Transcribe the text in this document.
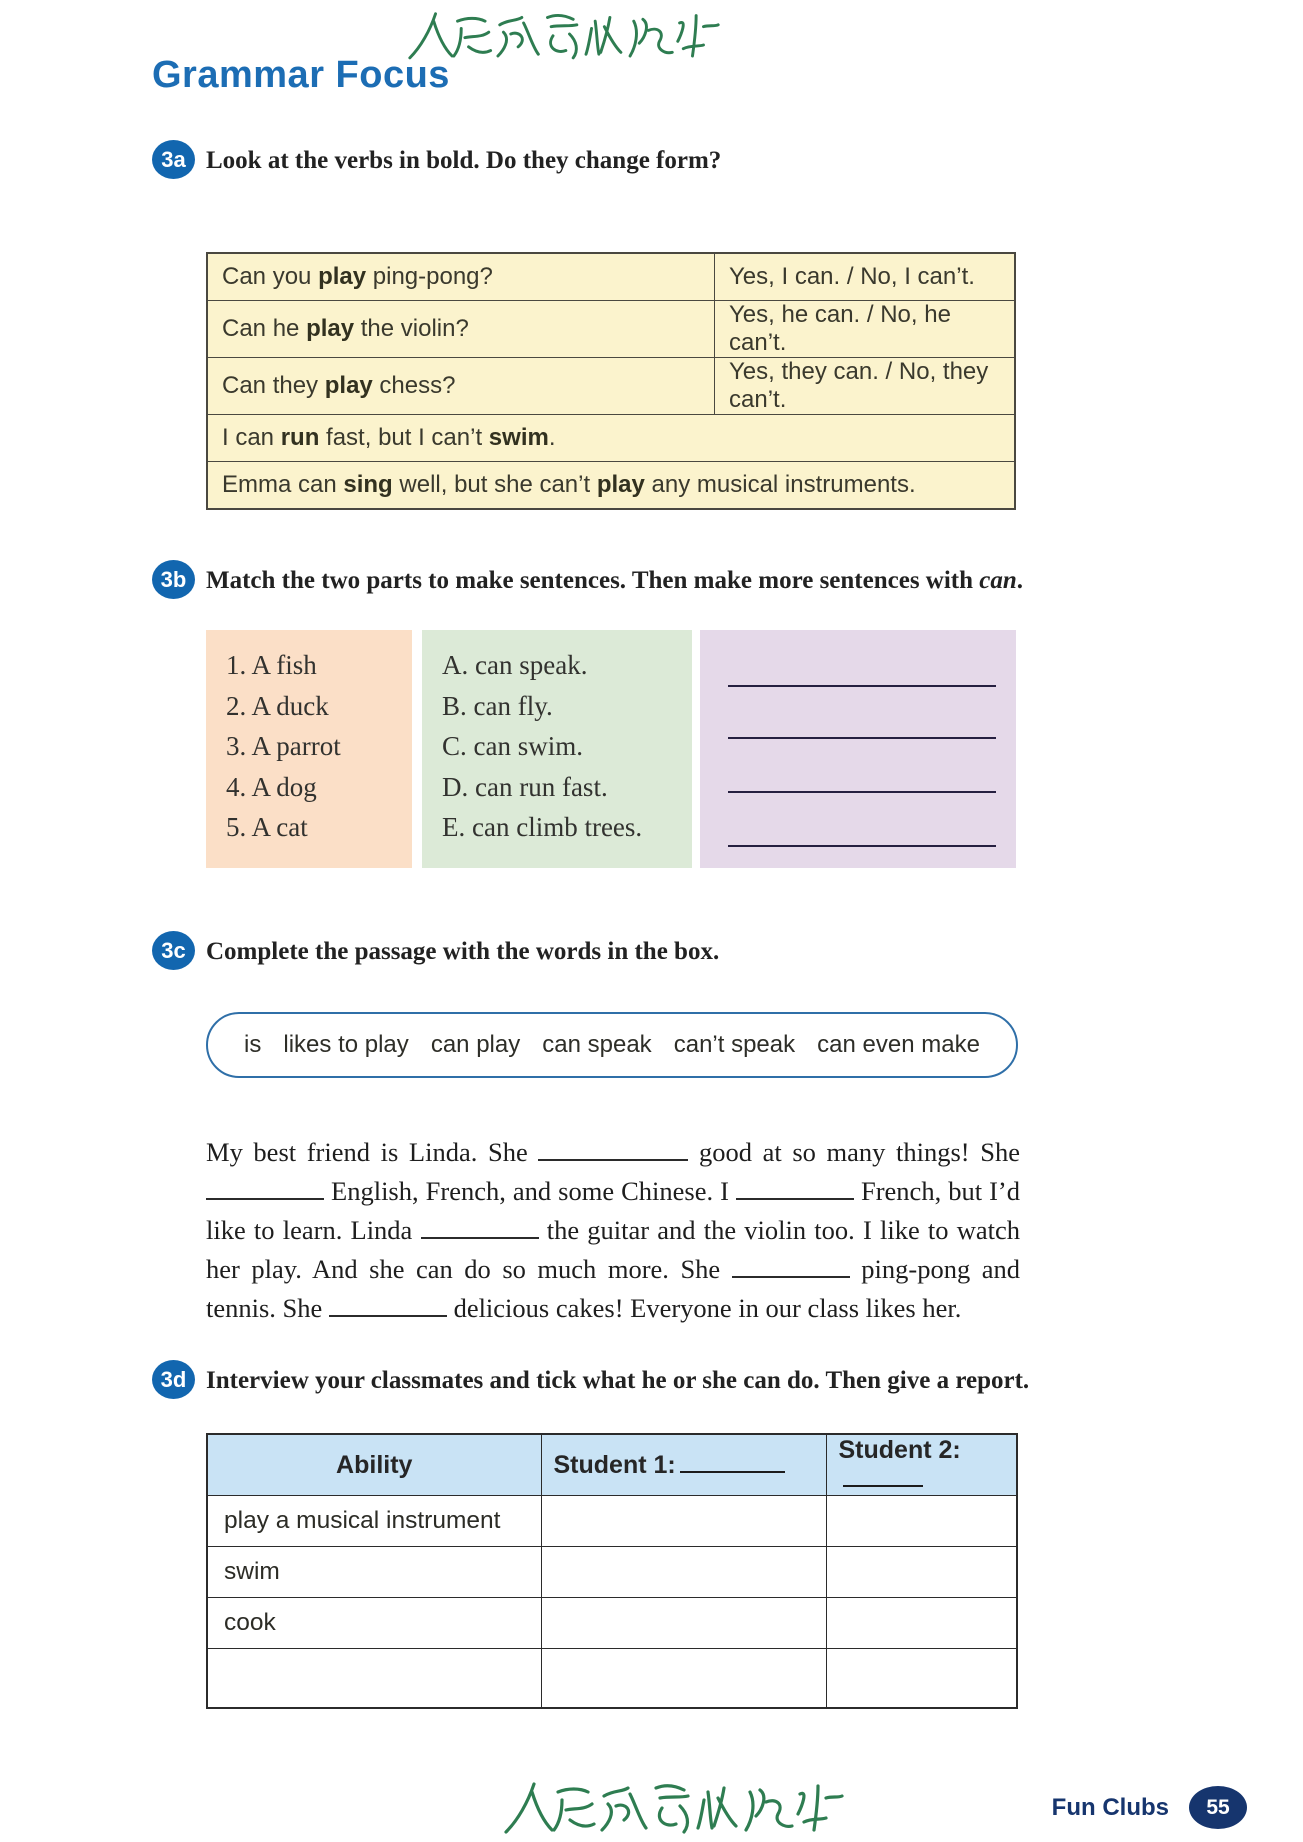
Grammar Focus
3a Look at the verbs in bold. Do they change form?
Can you play ping-pong?	Yes, I can. / No, I can’t.
Can he play the violin?	Yes, he can. / No, he can’t.
Can they play chess?	Yes, they can. / No, they can’t.
I can run fast, but I can’t swim.	
Emma can sing well, but she can’t play any musical instruments.	
3b Match the two parts to make sentences. Then make more sentences with can.
1. A fish
2. A duck
3. A parrot
4. A dog
5. A cat
A. can speak.
B. can fly.
C. can swim.
D. can run fast.
E. can climb trees.
3c Complete the passage with the words in the box.
is likes to play can play can speak can’t speak can even make

My best friend is Linda. She	good at so many things! She  English, French, and some Chinese. I	French, but I’d like to learn. Linda	the guitar and the violin too. I like to watch her play. And she can do so much more. She	ping-pong and tennis. She	delicious cakes! Everyone in our class likes her.

3d Interview your classmates and tick what he or she can do. Then give a report.
Ability	Student 1:	Student 2:
play a musical instrument		
swim		
cook		

Fun Clubs	55
